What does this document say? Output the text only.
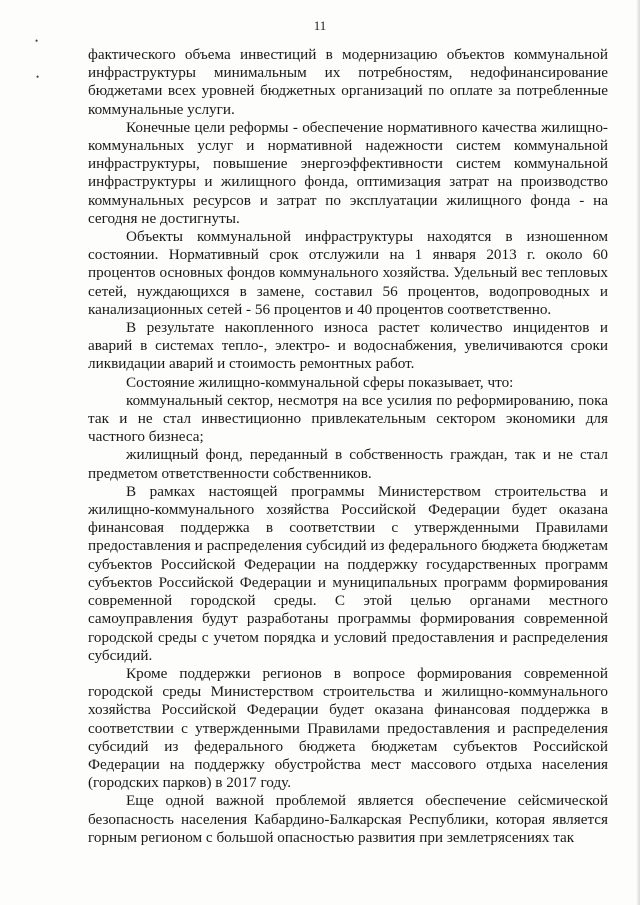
11
•
•

фактического объема инвестиций в модернизацию объектов коммунальной инфраструктуры минимальным их потребностям, недофинансирование бюджетами всех уровней бюджетных организаций по оплате за потребленные коммунальные услуги.

Конечные цели реформы - обеспечение нормативного качества жилищно-коммунальных услуг и нормативной надежности систем коммунальной инфраструктуры, повышение энергоэффективности систем коммунальной инфраструктуры и жилищного фонда, оптимизация затрат на производство коммунальных ресурсов и затрат по эксплуатации жилищного фонда - на сегодня не достигнуты.

Объекты коммунальной инфраструктуры находятся в изношенном состоянии. Нормативный срок отслужили на 1 января 2013 г. около 60 процентов основных фондов коммунального хозяйства. Удельный вес тепловых сетей, нуждающихся в замене, составил 56 процентов, водопроводных и канализационных сетей - 56 процентов и 40 процентов соответственно.

В результате накопленного износа растет количество инцидентов и аварий в системах тепло-, электро- и водоснабжения, увеличиваются сроки ликвидации аварий и стоимость ремонтных работ.

Состояние жилищно-коммунальной сферы показывает, что:

коммунальный сектор, несмотря на все усилия по реформированию, пока так и не стал инвестиционно привлекательным сектором экономики для частного бизнеса;

жилищный фонд, переданный в собственность граждан, так и не стал предметом ответственности собственников.

В рамках настоящей программы Министерством строительства и жилищно-коммунального хозяйства Российской Федерации будет оказана финансовая поддержка в соответствии с утвержденными Правилами предоставления и распределения субсидий из федерального бюджета бюджетам субъектов Российской Федерации на поддержку государственных программ субъектов Российской Федерации и муниципальных программ формирования современной городской среды. С этой целью органами местного самоуправления будут разработаны программы формирования современной городской среды с учетом порядка и условий предоставления и распределения субсидий.

Кроме поддержки регионов в вопросе формирования современной городской среды Министерством строительства и жилищно-коммунального хозяйства Российской Федерации будет оказана финансовая поддержка в соответствии с утвержденными Правилами предоставления и распределения субсидий из федерального бюджета бюджетам субъектов Российской Федерации на поддержку обустройства мест массового отдыха населения (городских парков) в 2017 году.

Еще одной важной проблемой является обеспечение сейсмической безопасность населения Кабардино-Балкарская Республики, которая является горным регионом с большой опасностью развития при землетрясениях так
